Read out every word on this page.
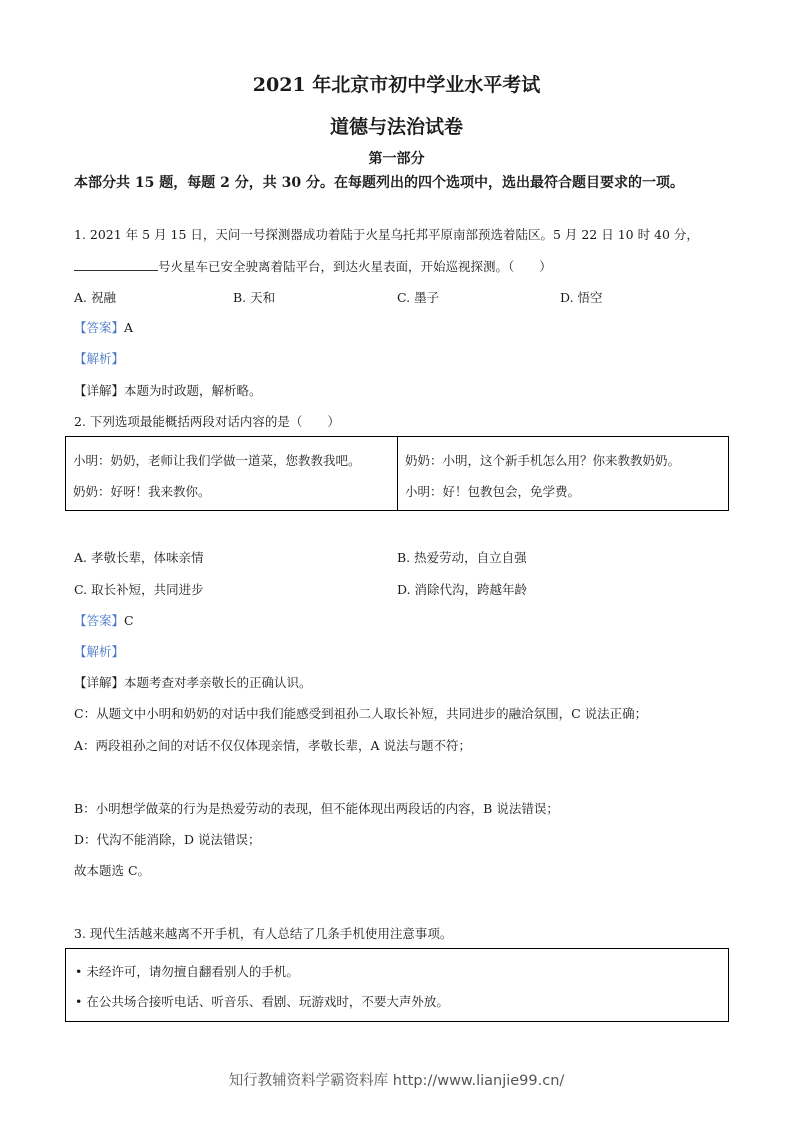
2021 年北京市初中学业水平考试
道德与法治试卷
第一部分
本部分共 15 题，每题 2 分，共 30 分。在每题列出的四个选项中，选出最符合题目要求的一项。
1. 2021 年 5 月 15 日，天问一号探测器成功着陆于火星乌托邦平原南部预选着陆区。5 月 22 日 10 时 40 分，
号火星车已安全驶离着陆平台，到达火星表面，开始巡视探测。（　　）
A. 祝融	B. 天和	C. 墨子	D. 悟空
【答案】A
【解析】
【详解】本题为时政题，解析略。
2. 下列选项最能概括两段对话内容的是（　　）
小明：奶奶，老师让我们学做一道菜，您教教我吧。
奶奶：好呀！我来教你。
奶奶：小明，这个新手机怎么用？你来教教奶奶。
小明：好！包教包会，免学费。
A. 孝敬长辈，体味亲情	B. 热爱劳动，自立自强
C. 取长补短，共同进步	D. 消除代沟，跨越年龄
【答案】C
【解析】
【详解】本题考查对孝亲敬长的正确认识。
C：从题文中小明和奶奶的对话中我们能感受到祖孙二人取长补短，共同进步的融洽氛围，C 说法正确；
A：两段祖孙之间的对话不仅仅体现亲情，孝敬长辈，A 说法与题不符；
B：小明想学做菜的行为是热爱劳动的表现，但不能体现出两段话的内容，B 说法错误；
D：代沟不能消除，D 说法错误；
故本题选 C。
3. 现代生活越来越离不开手机，有人总结了几条手机使用注意事项。
• 未经许可，请勿擅自翻看别人的手机。
• 在公共场合接听电话、听音乐、看剧、玩游戏时，不要大声外放。
知行教辅资料学霸资料库 http://www.lianjie99.cn/
